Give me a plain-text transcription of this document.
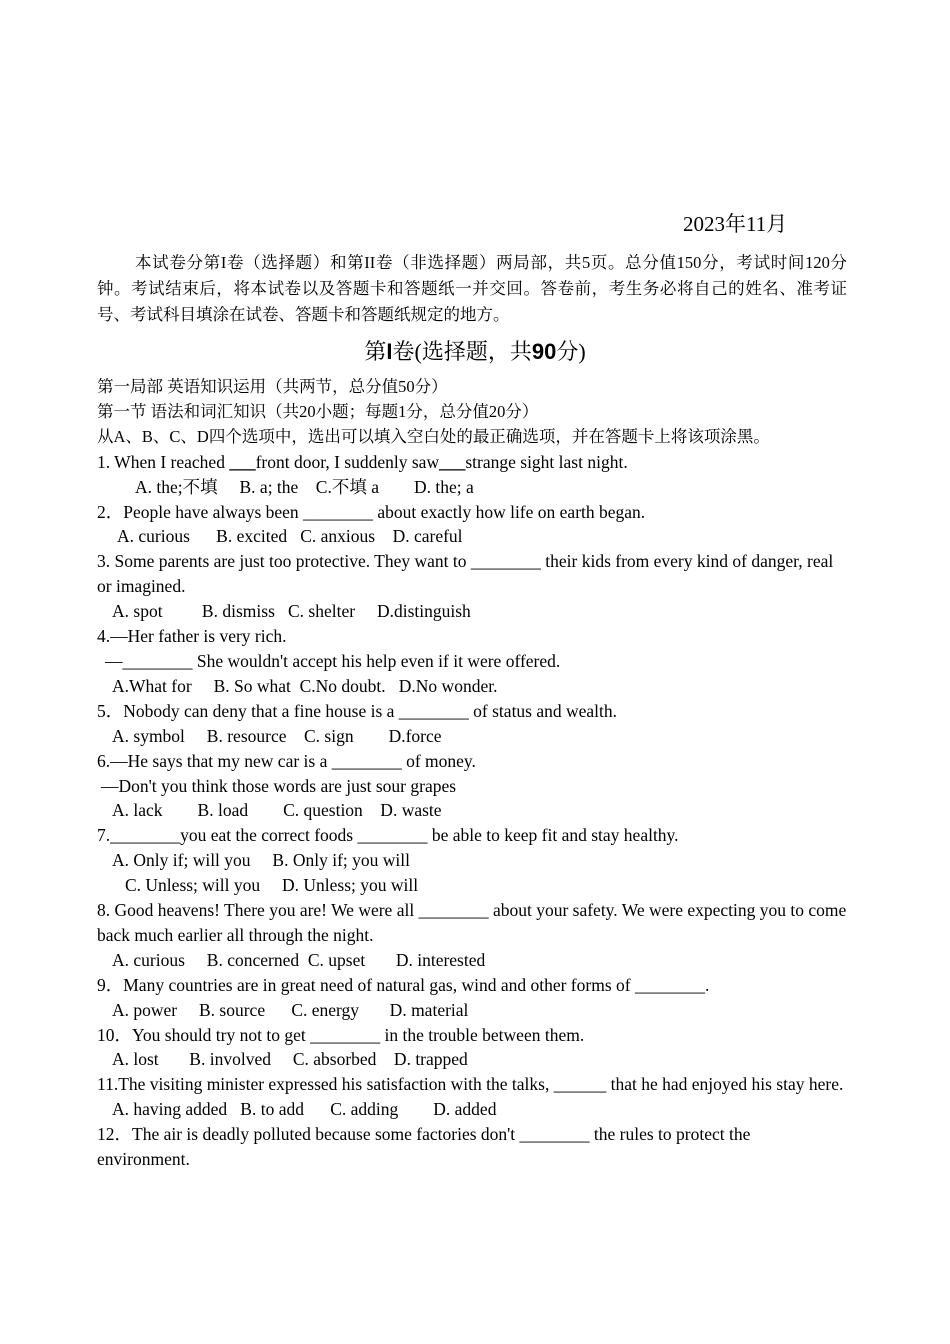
2023年11月
本试卷分第I卷（选择题）和第II卷（非选择题）两局部，共5页。总分值150分，考试时间120分钟。考试结束后，将本试卷以及答题卡和答题纸一并交回。答卷前，考生务必将自己的姓名、准考证号、考试科目填涂在试卷、答题卡和答题纸规定的地方。
第I卷(选择题，共90分)
第一局部 英语知识运用（共两节，总分值50分）
第一节 语法和词汇知识（共20小题；每题1分，总分值20分）
从A、B、C、D四个选项中，选出可以填入空白处的最正确选项，并在答题卡上将该项涂黑。
1. When I reached ___front door, I suddenly saw___strange sight last night.
A. the;不填     B. a; the    C.不填 a        D. the; a
2．People have always been ________ about exactly how life on earth began.
A. curious      B. excited   C. anxious    D. careful
3. Some parents are just too protective. They want to ________ their kids from every kind of danger, real or imagined.
A. spot         B. dismiss   C. shelter     D.distinguish
4.—Her father is very rich.
—________ She wouldn't accept his help even if it were offered.
A.What for     B. So what  C.No doubt.   D.No wonder.
5．Nobody can deny that a fine house is a ________ of status and wealth.
A. symbol     B. resource    C. sign        D.force
6.—He says that my new car is a ________ of money.
—Don't you think those words are just sour grapes
A. lack        B. load        C. question    D. waste
7.________you eat the correct foods ________ be able to keep fit and stay healthy.
A. Only if; will you     B. Only if; you will
C. Unless; will you     D. Unless; you will
8. Good heavens! There you are! We were all ________ about your safety. We were expecting you to come back much earlier all through the night.
A. curious     B. concerned  C. upset       D. interested
9．Many countries are in great need of natural gas, wind and other forms of ________.
A. power     B. source      C. energy       D. material
10．You should try not to get ________ in the trouble between them.
A. lost       B. involved     C. absorbed    D. trapped
11.The visiting minister expressed his satisfaction with the talks, ______ that he had enjoyed his stay here.
A. having added   B. to add      C. adding        D. added
12．The air is deadly polluted because some factories don't ________ the rules to protect the environment.
